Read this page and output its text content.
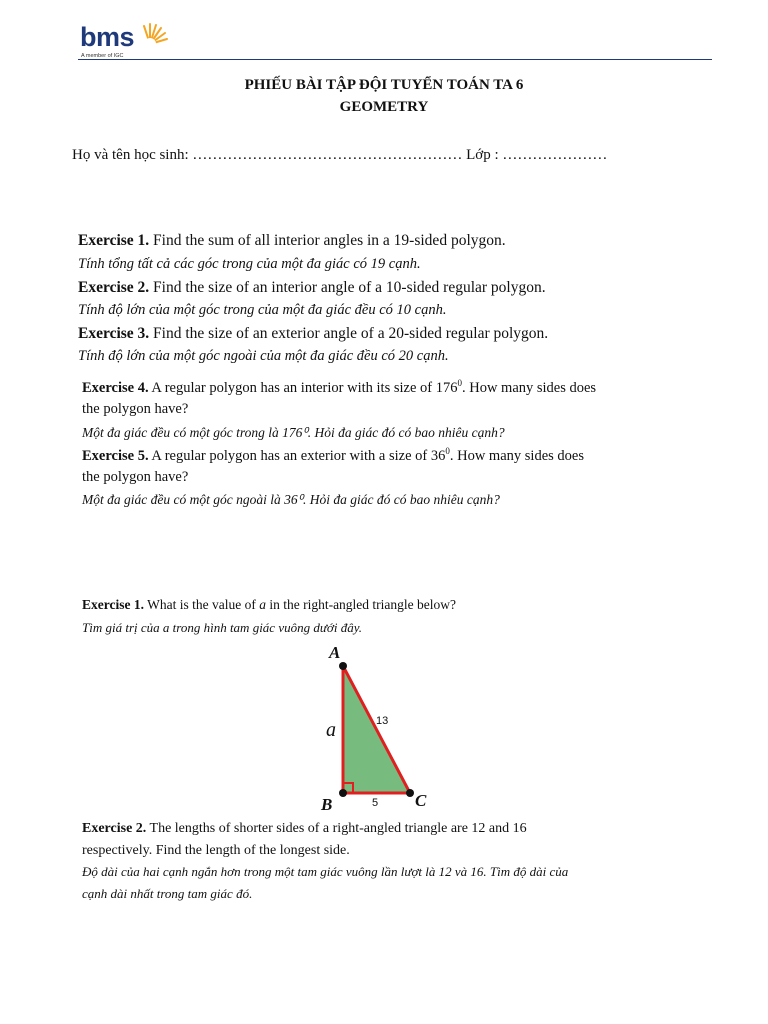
bms
A member of IGC
PHIẾU BÀI TẬP ĐỘI TUYỂN TOÁN TA 6
GEOMETRY
Họ và tên học sinh: ……………………………………………… Lớp : …………………
Exercise 1. Find the sum of all interior angles in a 19-sided polygon.
Tính tổng tất cả các góc trong của một đa giác có 19 cạnh.
Exercise 2. Find the size of an interior angle of a 10-sided regular polygon.
Tính độ lớn của một góc trong của một đa giác đều có 10 cạnh.
Exercise 3. Find the size of an exterior angle of a 20-sided regular polygon.
Tính độ lớn của một góc ngoài của một đa giác đều có 20 cạnh.
Exercise 4. A regular polygon has an interior with its size of $176^0$. How many sides does
the polygon have?
Một đa giác đều có một góc trong là 176⁰. Hỏi đa giác đó có bao nhiêu cạnh?
Exercise 5. A regular polygon has an exterior with a size of $36^0$. How many sides does
the polygon have?
Một đa giác đều có một góc ngoài là 36⁰. Hỏi đa giác đó có bao nhiêu cạnh?
Exercise 1. What is the value of a in the right-angled triangle below?
Tìm giá trị của a trong hình tam giác vuông dưới đây.
A
B	C
a	13
5
Exercise 2. The lengths of shorter sides of a right-angled triangle are 12 and 16
respectively. Find the length of the longest side.
Độ dài của hai cạnh ngắn hơn trong một tam giác vuông lần lượt là 12 và 16. Tìm độ dài của
cạnh dài nhất trong tam giác đó.
